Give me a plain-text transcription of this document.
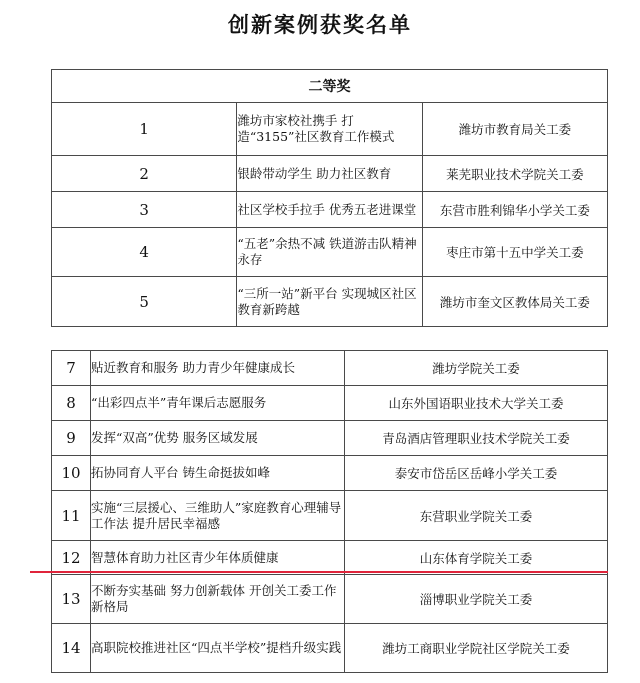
创新案例获奖名单
二等奖		
1	潍坊市家校社携手 打造“3155”社区教育工作模式	潍坊市教育局关工委
2	银龄带动学生 助力社区教育	莱芜职业技术学院关工委
3	社区学校手拉手 优秀五老进课堂	东营市胜利锦华小学关工委
4	“五老”余热不减 铁道游击队精神永存	枣庄市第十五中学关工委
5	“三所一站”新平台 实现城区社区教育新跨越	潍坊市奎文区教体局关工委
7	贴近教育和服务 助力青少年健康成长	潍坊学院关工委
8	“出彩四点半”青年课后志愿服务	山东外国语职业技术大学关工委
9	发挥“双高”优势 服务区域发展	青岛酒店管理职业技术学院关工委
10	拓协同育人平台 铸生命挺拔如峰	泰安市岱岳区岳峰小学关工委
11	实施“三层援心、三维助人”家庭教育心理辅导工作法 提升居民幸福感	东营职业学院关工委
12	智慧体育助力社区青少年体质健康	山东体育学院关工委
13	不断夯实基础 努力创新载体 开创关工委工作新格局	淄博职业学院关工委
14	高职院校推进社区“四点半学校”提档升级实践	潍坊工商职业学院社区学院关工委
